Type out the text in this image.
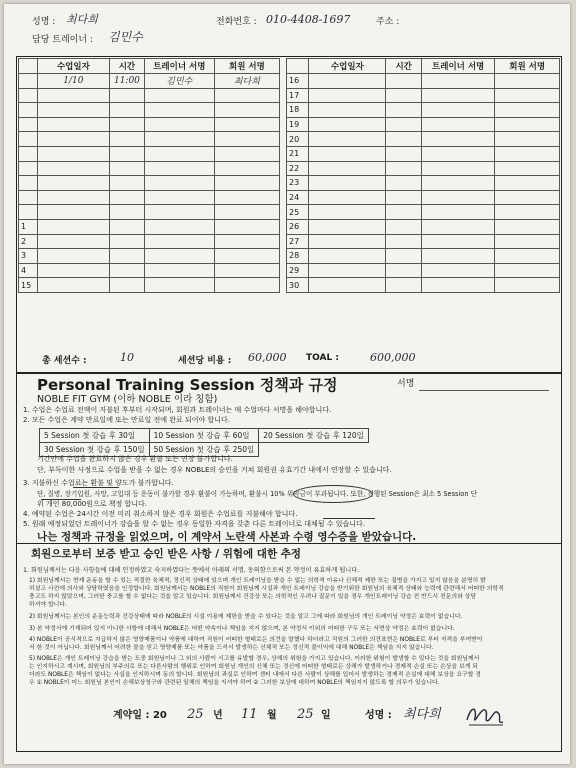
성명 : 최다희	전화번호 : 010-4408-1697	주소 :
담당 트레이너 : 김민수
	수업일자	시간	트레이너 서명	회원 서명
	1/10	11:00	김민수	최다희

1				
2				
3				
4				
15				
	수업일자	시간	트레이너 서명	회원 서명
16				
17				
18				
19				
20				
21				
22				
23				
24				
25				
26				
27				
28				
29				
30				
총 세션수 :	10	세션당 비용 : 60,000 TOAL :	600,000
Personal Training Session 정책과 규정	서명
NOBLE FIT GYM (이하 NOBLE 이라 칭함)
1. 수업은 수업료 전액이 지불된 후부터 시작되며, 회원과 트레이너는 매 수업마다 서명을 해야합니다.
2. 모든 수업은 계약 만료일에 또는 만료일 전에 완료 되어야 합니다.
5 Session 첫 강습 후 30일	10 Session 첫 강습 후 60일	20 Session 첫 강습 후 120일
30 Session 첫 강습 후 150일	50 Session 첫 강습 후 250일	
기간안에 수업을 완료하지 않은 경우 환불 또는 연장 불가합니다.
단, 부득이한 사정으로 수업을 받을 수 없는 경우 NOBLE의 승인을 거쳐 회원권 유효기간 내에서 연장할 수 있습니다.
3. 지불하신 수업료는 환불 및 양도가 불가합니다.
단, 질병, 장기입원, 사망, 고입대 등 운동이 불가할 경우 환불이 가능하며, 환불시 10% 위약금이 부과됩니다. 또한, 진행된 Session은 최소 5 Session 단
위 개인 80,000원으로 책정 합니다.
4. 예약된 수업은 24시간 이전 미리 취소하지 않은 경우 회원은 수업료를 지불해야 합니다.
5. 원래 예정되었던 트레이너가 강습을 할 수 없는 경우 동일한 자격을 갖춘 다른 트레이너로 대체될 수 있습니다.
나는 정책과 규정을 읽었으며, 이 계약서 노란색 사본과 수령 영수증을 받았습니다.
회원으로부터 보증 받고 승인 받은 사항 / 위험에 대한 추정
1. 회원님께서는 다음 사항들에 대해 인정하였고 숙지하였다는 뜻에서 아래의 서명, 동의함으로써 본 약정이 유효하게 됩니다.
1) 회원님께서는 현재 운동을 할 수 있는 적절한 육체적, 정신적 상태에 있으며 개인 트레이닝을 받을 수 없는 의학적 이유나 신체적 제한 또는 질병을 가지고 있지 않음을 분명히 밝
히셨고 사전에 의사와 상담하였음을 인정합니다. 회원님께서는 NOBLE의 직원이 회원님께 시설과 개인 트레이닝 강습을 받기위한 회원님의 육체적 상태와 능력에 관련해서 어떠한 의학적
충고도 하지 않았으며, 그러한 충고를 할 수 없다는 것을 알고 있습니다. 회원님께서 건강상 또는 의학적인 우려나 질문이 있을 경우 개인트레이닝 강습 전 반드시 전문의와 상담
하셔야 합니다.
2) 회원님께서는 본인의 운동능력과 건강상태에 따라 NOBLE의 시설 이용에 제한을 받을 수 있다는 것을 알고 그에 따라 회원님의 개인 트레이닝 약정은 효력이 없습니다.
3) 본 약정서에 기재되어 있지 아니한 사항에 대해서 NOBLE은 어떤 약속이나 책임을 지지 않으며, 본 약정서 이외의 어떠한 구두 또는 서면상 약정은 효력이 없습니다.
4) NOBLE이 공식적으로 지급하지 않은 영양제품이나 약품에 대하여 직원이 어떠한 형태로든 의견을 말했다 하더라고 직원의 그러한 의견표현은 NOBLE로 부터 자격을 부여받아
서 한 것이 아닙니다. 회원님께서 어려한 물을 믿고 영양제품 또는 약품을 드셔서 발생하는 신체적 또는 정신적 불이익에 대해 NOBLE은 책임을 지지 않습니다.
5) NOBLE은 개인 트레이닝 강습을 받는 도중 회원님이나 그 외의 사람이 시고를 유발할 경우, 상해의 위험을 가지고 있습니다. 이러한 위험이 발생할 수 있다는 것을 회원님께서
는 인지하시고 계시며, 회원님의 부주의로 또는 다른사람의 행위로 인하여 회원님 개인의 신체 또는 정신에 어떠한 형태로든 상해가 발생하거나 경제적 손실 또는 손상을 보게 되
더라도 NOBLE은 책임이 없다는 사실을 인지하시며 동의 합니다. 회원님의 과실로 인하여 센터 내에서 다른 사람이 상해를 입어서 발생하는 경제적 손실에 대해 보상을 요구할 경
우 ① NOBLE이 어느 회원님 본인이 손해보상청구와 관련된 일체의 책임을 지셔야 하여 ② 그러한 보상에 대하여 NOBLE의 책임지지 않도록 할 의무가 있습니다.
계약일 : 20 25 년 11 월 25 일	성명 : 최다희
